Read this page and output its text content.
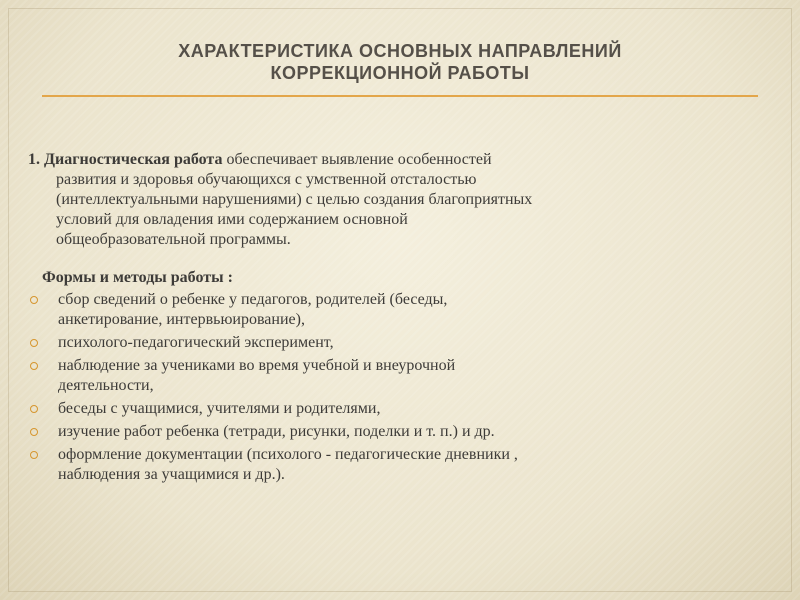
ХАРАКТЕРИСТИКА ОСНОВНЫХ НАПРАВЛЕНИЙ
КОРРЕКЦИОННОЙ РАБОТЫ

1. Диагностическая работа обеспечивает выявление особенностей
развития и здоровья обучающихся с умственной отсталостью
(интеллектуальными нарушениями) с целью создания благоприятных
условий для овладения ими содержанием основной
общеобразовательной программы.

Формы и методы работы :
сбор сведений о ребенке у педагогов, родителей (беседы,
анкетирование, интервьюирование),
психолого-педагогический эксперимент,
наблюдение за учениками во время учебной и внеурочной
деятельности,
беседы с учащимися, учителями и родителями,
изучение работ ребенка (тетради, рисунки, поделки и т. п.) и др.
оформление документации (психолого - педагогические дневники ,
наблюдения за учащимися и др.).
